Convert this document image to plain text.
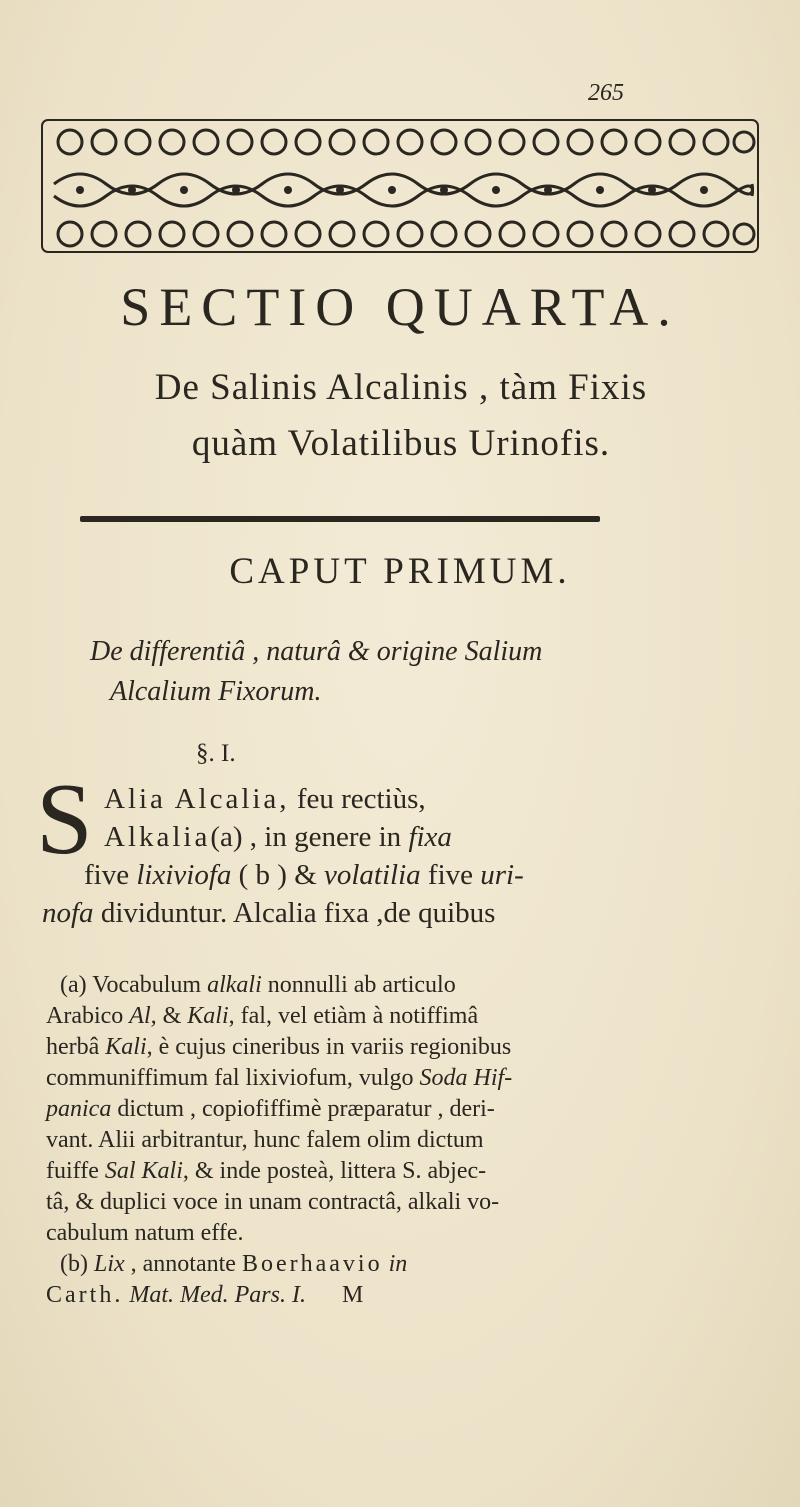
265
SECTIO QUARTA.
De Salinis Alcalinis , tàm Fixis
quàm Volatilibus Urinofis.
CAPUT PRIMUM.
De differentiâ , naturâ & origine Salium
Alcalium Fixorum.
§. I.
S Alia Alcalia, feu rectiùs,
Alkalia(a) , in genere in fixa
five lixiviofa ( b ) & volatilia five uri-
nofa dividuntur. Alcalia fixa ,de quibus

(a) Vocabulum alkali nonnulli ab articulo

Arabico Al, & Kali, fal, vel etiàm à notiffimâ

herbâ Kali, è cujus cineribus in variis regionibus

communiffimum fal lixiviofum, vulgo Soda Hif-

panica dictum , copiofiffimè præparatur , deri-

vant. Alii arbitrantur, hunc falem olim dictum

fuiffe Sal Kali, & inde posteà, littera S. abjec-

tâ, & duplici voce in unam contractâ, alkali vo-

cabulum natum effe.

(b) Lix , annotante Boerhaavio in

Carth. Mat. Med. Pars. I.      M
